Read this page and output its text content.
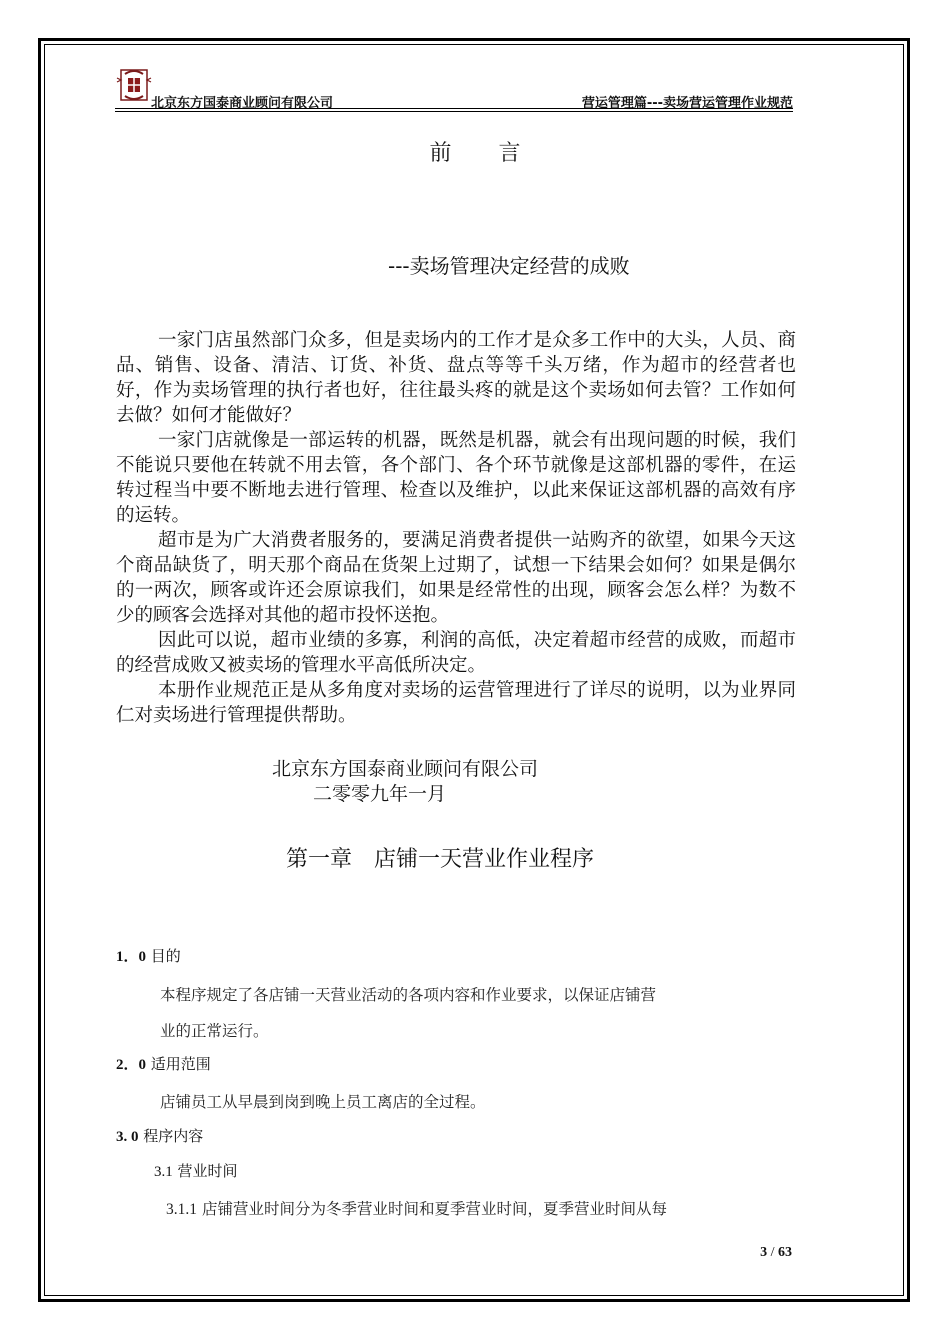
北京东方国泰商业顾问有限公司	营运管理篇---卖场营运管理作业规范
前 言
---卖场管理决定经营的成败

一家门店虽然部门众多，但是卖场内的工作才是众多工作中的大头，人员、商品、销售、设备、清洁、订货、补货、盘点等等千头万绪，作为超市的经营者也好，作为卖场管理的执行者也好，往往最头疼的就是这个卖场如何去管？工作如何去做？如何才能做好？

一家门店就像是一部运转的机器，既然是机器，就会有出现问题的时候，我们不能说只要他在转就不用去管，各个部门、各个环节就像是这部机器的零件，在运转过程当中要不断地去进行管理、检查以及维护，以此来保证这部机器的高效有序的运转。

超市是为广大消费者服务的，要满足消费者提供一站购齐的欲望，如果今天这个商品缺货了，明天那个商品在货架上过期了，试想一下结果会如何？如果是偶尔的一两次，顾客或许还会原谅我们，如果是经常性的出现，顾客会怎么样？为数不少的顾客会选择对其他的超市投怀送抱。

因此可以说，超市业绩的多寡，利润的高低，决定着超市经营的成败，而超市的经营成败又被卖场的管理水平高低所决定。

本册作业规范正是从多角度对卖场的运营管理进行了详尽的说明，以为业界同仁对卖场进行管理提供帮助。

北京东方国泰商业顾问有限公司
二零零九年一月
第一章　店铺一天营业作业程序
1．0 目的
本程序规定了各店铺一天营业活动的各项内容和作业要求，以保证店铺营
业的正常运行。
2．0 适用范围
店铺员工从早晨到岗到晚上员工离店的全过程。
3. 0 程序内容
3.1 营业时间
3.1.1 店铺营业时间分为冬季营业时间和夏季营业时间，夏季营业时间从每
3 / 63
